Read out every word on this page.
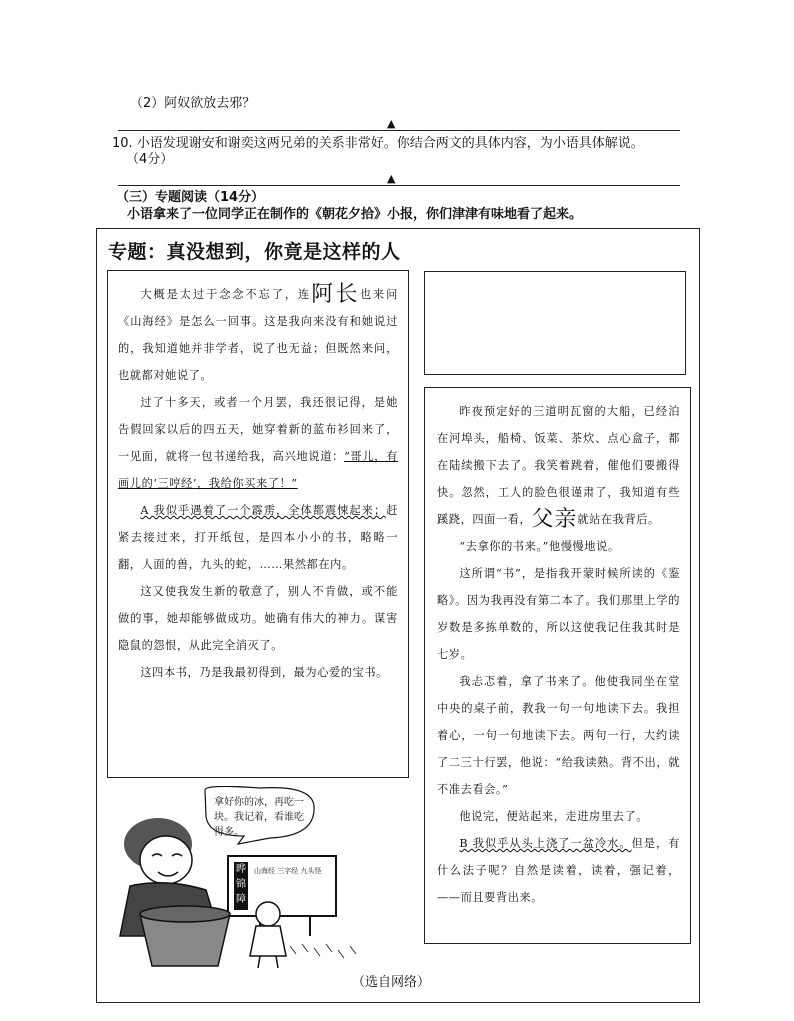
（2）阿奴欲放去邪？
▲
10. 小语发现谢安和谢奕这两兄弟的关系非常好。你结合两文的具体内容，为小语具体解说。
（4分）
▲
（三）专题阅读（14分）
小语拿来了一位同学正在制作的《朝花夕拾》小报，你们津津有味地看了起来。
专题：真没想到，你竟是这样的人

大概是太过于念念不忘了，连阿长也来问《山海经》是怎么一回事。这是我向来没有和她说过的，我知道她并非学者，说了也无益；但既然来问，也就都对她说了。

过了十多天，或者一个月罢，我还很记得，是她告假回家以后的四五天，她穿着新的蓝布衫回来了，一见面，就将一包书递给我，高兴地说道：“哥儿，有画儿的‘三哼经’，我给你买来了！”

A 我似乎遇着了一个霹雳，全体都震悚起来；赶紧去接过来，打开纸包，是四本小小的书，略略一翻，人面的兽，九头的蛇，……果然都在内。

这又使我发生新的敬意了，别人不肯做，或不能做的事，她却能够做成功。她确有伟大的神力。谋害隐鼠的怨恨，从此完全消灭了。

这四本书，乃是我最初得到，最为心爱的宝书。

昨夜预定好的三道明瓦窗的大船，已经泊在河埠头，船椅、饭菜、茶炊、点心盒子，都在陆续搬下去了。我笑着跳着，催他们要搬得快。忽然，工人的脸色很谨肃了，我知道有些蹊跷，四面一看，父亲就站在我背后。

“去拿你的书来。”他慢慢地说。

这所谓“书”，是指我开蒙时候所读的《鉴略》。因为我再没有第二本了。我们那里上学的岁数是多拣单数的，所以这使我记住我其时是七岁。

我忐忑着，拿了书来了。他使我同坐在堂中央的桌子前，教我一句一句地读下去。我担着心，一句一句地读下去。两句一行，大约读了二三十行罢，他说：“给我读熟。背不出，就不准去看会。”

他说完，便站起来，走进房里去了。

B 我似乎从头上浇了一盆冷水。但是，有什么法子呢？自然是读着，读着，强记着，——而且要背出来。

拿好你的冰，再吃一块。我记着，看谁吃得多。
晔锦障
山海经 三字经 九头怪
（选自网络）
